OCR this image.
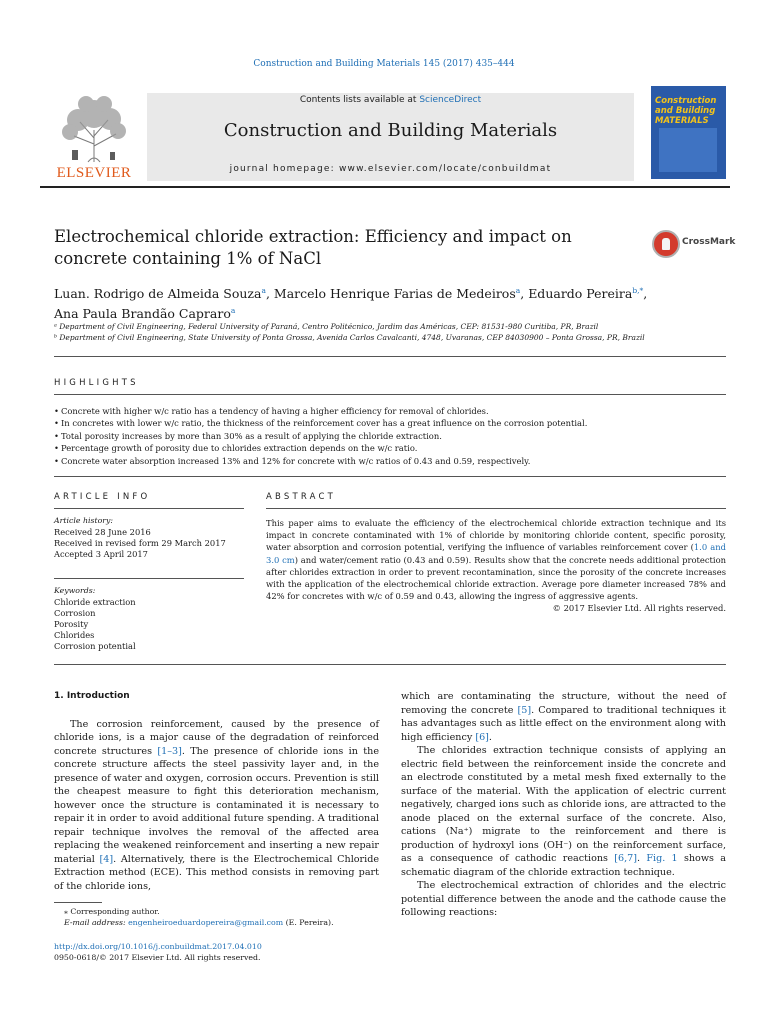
Construction and Building Materials 145 (2017) 435–444
ELSEVIER
Contents lists available at ScienceDirect
Construction and Building Materials
journal homepage: www.elsevier.com/locate/conbuildmat
Construction and Building MATERIALS
Electrochemical chloride extraction: Efficiency and impact on concrete containing 1% of NaCl
CrossMark
Luan. Rodrigo de Almeida Souza$^a$, Marcelo Henrique Farias de Medeiros$^a$, Eduardo Pereira$^{b,*}$,
Ana Paula Brandão Capraro$^a$
ᵃ Department of Civil Engineering, Federal University of Paraná, Centro Politécnico, Jardim das Américas, CEP: 81531-980 Curitiba, PR, Brazil
ᵇ Department of Civil Engineering, State University of Ponta Grossa, Avenida Carlos Cavalcanti, 4748, Uvaranas, CEP 84030900 – Ponta Grossa, PR, Brazil
HIGHLIGHTS
• Concrete with higher w/c ratio has a tendency of having a higher efficiency for removal of chlorides.
• In concretes with lower w/c ratio, the thickness of the reinforcement cover has a great influence on the corrosion potential.
• Total porosity increases by more than 30% as a result of applying the chloride extraction.
• Percentage growth of porosity due to chlorides extraction depends on the w/c ratio.
• Concrete water absorption increased 13% and 12% for concrete with w/c ratios of 0.43 and 0.59, respectively.
ARTICLE INFO
Article history:
Received 28 June 2016
Received in revised form 29 March 2017
Accepted 3 April 2017
Keywords:
Chloride extraction
Corrosion
Porosity
Chlorides
Corrosion potential
ABSTRACT
This paper aims to evaluate the efficiency of the electrochemical chloride extraction technique and its impact in concrete contaminated with 1% of chloride by monitoring chloride content, specific porosity, water absorption and corrosion potential, verifying the influence of variables reinforcement cover (1.0 and 3.0 cm) and water/cement ratio (0.43 and 0.59). Results show that the concrete needs additional protection after chlorides extraction in order to prevent recontamination, since the porosity of the concrete increases with the application of the electrochemical chloride extraction. Average pore diameter increased 78% and 42% for concretes with w/c of 0.59 and 0.43, allowing the ingress of aggressive agents.
© 2017 Elsevier Ltd. All rights reserved.
1. Introduction

The corrosion reinforcement, caused by the presence of chloride ions, is a major cause of the degradation of reinforced concrete structures [1–3]. The presence of chloride ions in the concrete structure affects the steel passivity layer and, in the presence of water and oxygen, corrosion occurs. Prevention is still the cheapest measure to fight this deterioration mechanism, however once the structure is contaminated it is necessary to repair it in order to avoid additional future spending. A traditional repair technique involves the removal of the affected area replacing the weakened reinforcement and inserting a new repair material [4]. Alternatively, there is the Electrochemical Chloride Extraction method (ECE). This method consists in removing part of the chloride ions,

which are contaminating the structure, without the need of removing the concrete [5]. Compared to traditional techniques it has advantages such as little effect on the environment along with high efficiency [6].

The chlorides extraction technique consists of applying an electric field between the reinforcement inside the concrete and an electrode constituted by a metal mesh fixed externally to the surface of the material. With the application of electric current negatively, charged ions such as chloride ions, are attracted to the anode placed on the external surface of the concrete. Also, cations (Na⁺) migrate to the reinforcement and there is production of hydroxyl ions (OH⁻) on the reinforcement surface, as a consequence of cathodic reactions [6,7]. Fig. 1 shows a schematic diagram of the chloride extraction technique.

The electrochemical extraction of chlorides and the electric potential difference between the anode and the cathode cause the following reactions:

⁎ Corresponding author.
E-mail address: engenheiroeduardopereira@gmail.com (E. Pereira).
http://dx.doi.org/10.1016/j.conbuildmat.2017.04.010
0950-0618/© 2017 Elsevier Ltd. All rights reserved.
